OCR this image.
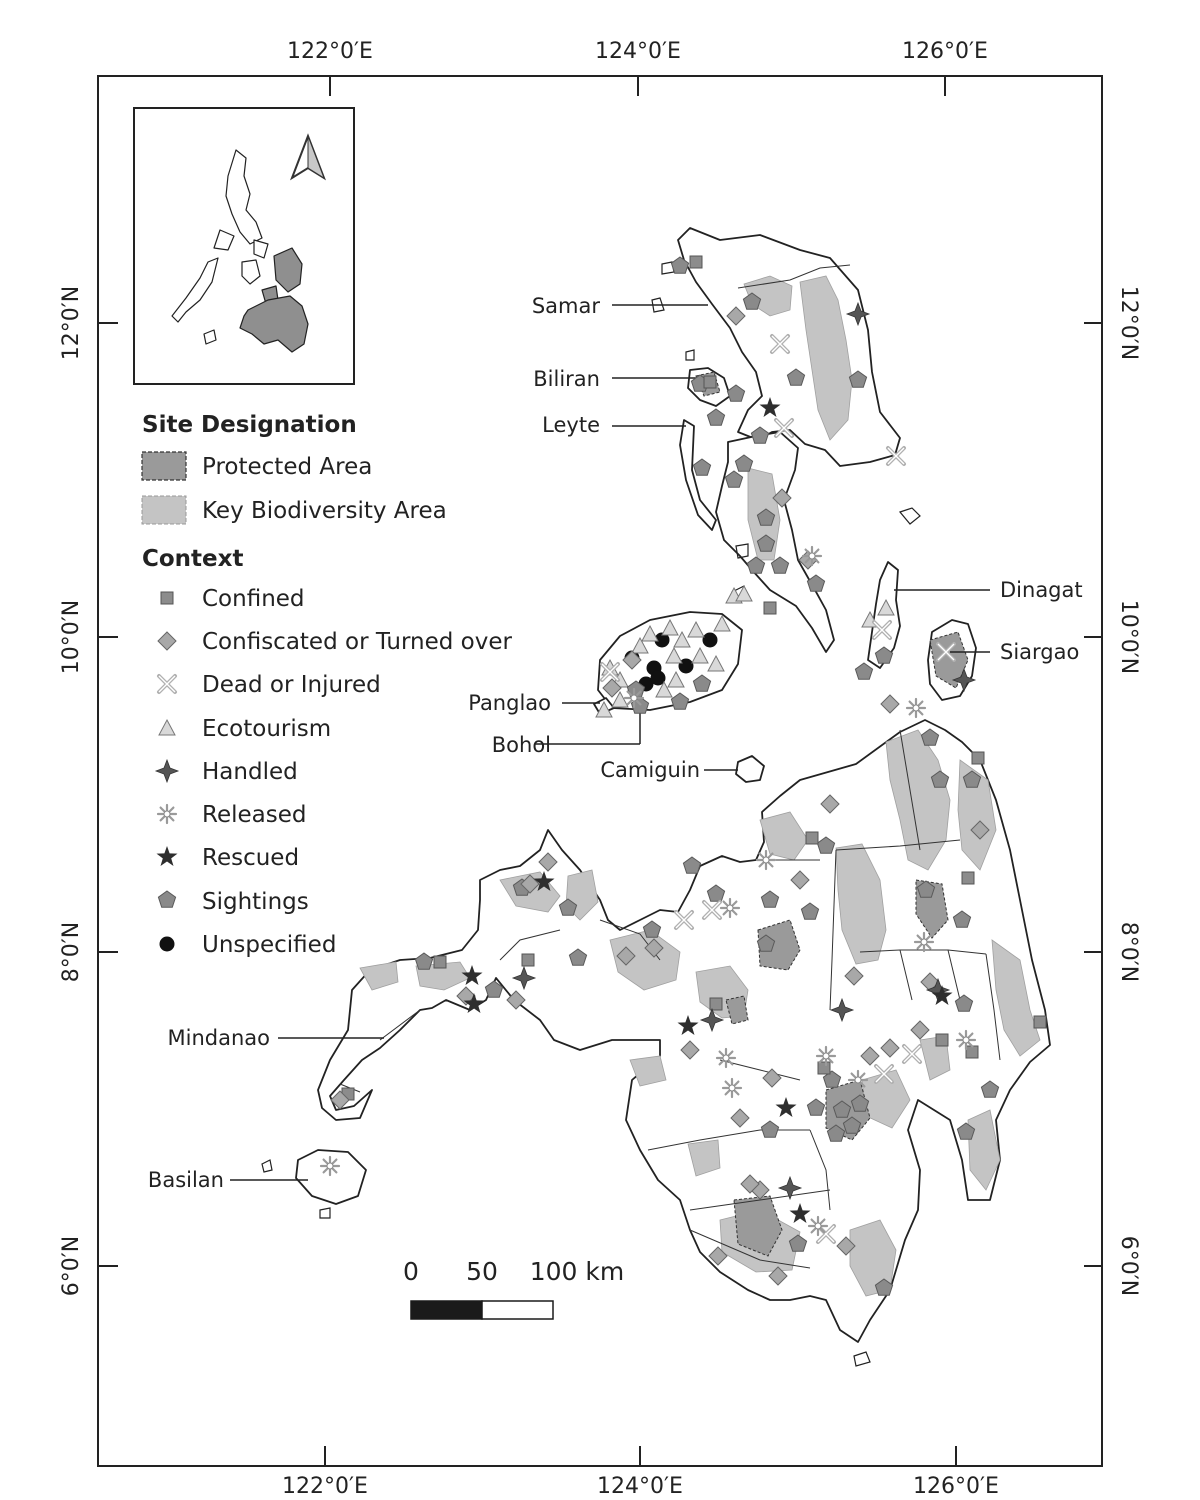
122°0′E	124°0′E	126°0′E
122°0′E	124°0′E	126°0′E
12°0′N
10°0′N
8°0′N
6°0′N
12°0′N
10°0′N
8°0′N
6°0′N
Samar
Biliran
Leyte
Dinagat
Siargao
Panglao
Bohol
Camiguin
Mindanao
Basilan
Site Designation
Protected Area
Key Biodiversity Area
Context
Confined
Confiscated or Turned over
Dead or Injured
Ecotourism
Handled
Released
Rescued
Sightings
Unspecified
0 50 100 km
